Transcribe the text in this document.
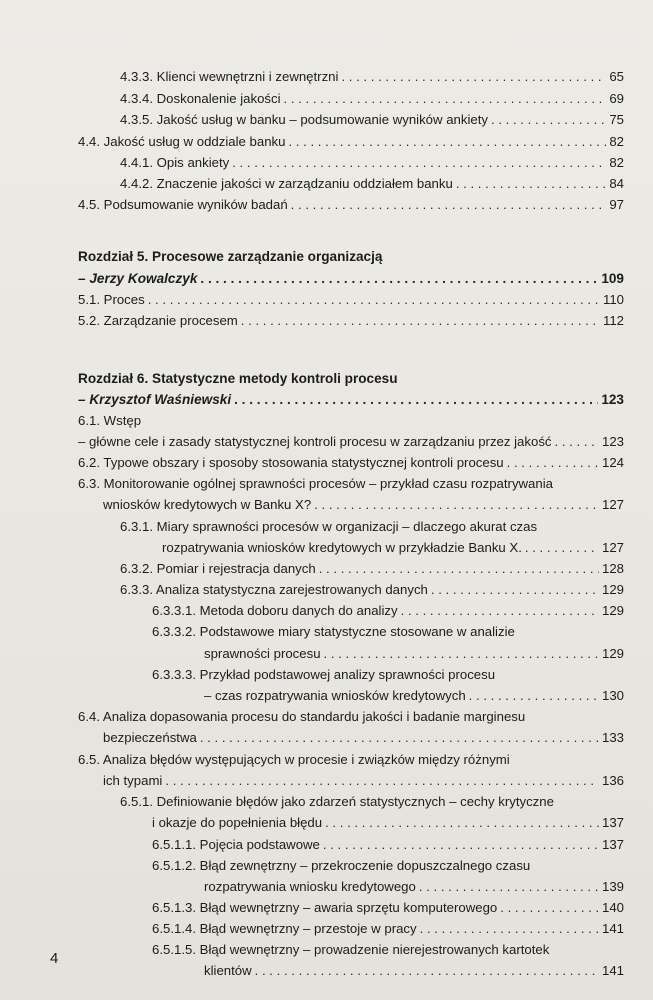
4.3.3. Klienci wewnętrzni i zewnętrzni . . .	65
4.3.4. Doskonalenie jakości . . .	69
4.3.5. Jakość usług w banku – podsumowanie wyników ankiety . . .	75
4.4. Jakość usług w oddziale banku . . .	82
4.4.1. Opis ankiety . . .	82
4.4.2. Znaczenie jakości w zarządzaniu oddziałem banku . . .	84
4.5. Podsumowanie wyników badań . . .	97
Rozdział 5. Procesowe zarządzanie organizacją
– Jerzy Kowalczyk . . .	109
5.1. Proces . . .	110
5.2. Zarządzanie procesem . . .	112
Rozdział 6. Statystyczne metody kontroli procesu
– Krzysztof Waśniewski . . .	123
6.1. Wstęp
– główne cele i zasady statystycznej kontroli procesu w zarządzaniu przez jakość . . .	123
6.2. Typowe obszary i sposoby stosowania statystycznej kontroli procesu . . .	124
6.3. Monitorowanie ogólnej sprawności procesów – przykład czasu rozpatrywania
wniosków kredytowych w Banku X? . . .	127
6.3.1. Miary sprawności procesów w organizacji – dlaczego akurat czas
rozpatrywania wniosków kredytowych w przykładzie Banku X. . . .	127
6.3.2. Pomiar i rejestracja danych . . .	128
6.3.3. Analiza statystyczna zarejestrowanych danych . . .	129
6.3.3.1. Metoda doboru danych do analizy . . .	129
6.3.3.2. Podstawowe miary statystyczne stosowane w analizie
sprawności procesu . . .	129
6.3.3.3. Przykład podstawowej analizy sprawności procesu
– czas rozpatrywania wniosków kredytowych . . .	130
6.4. Analiza dopasowania procesu do standardu jakości i badanie marginesu
bezpieczeństwa . . .	133
6.5. Analiza błędów występujących w procesie i związków między różnymi
ich typami . . .	136
6.5.1. Definiowanie błędów jako zdarzeń statystycznych – cechy krytyczne
i okazje do popełnienia błędu . . .	137
6.5.1.1. Pojęcia podstawowe . . .	137
6.5.1.2. Błąd zewnętrzny – przekroczenie dopuszczalnego czasu
rozpatrywania wniosku kredytowego . . .	139
6.5.1.3. Błąd wewnętrzny – awaria sprzętu komputerowego . . .	140
6.5.1.4. Błąd wewnętrzny – przestoje w pracy . . .	141
6.5.1.5. Błąd wewnętrzny – prowadzenie nierejestrowanych kartotek
klientów . . .	141
4
